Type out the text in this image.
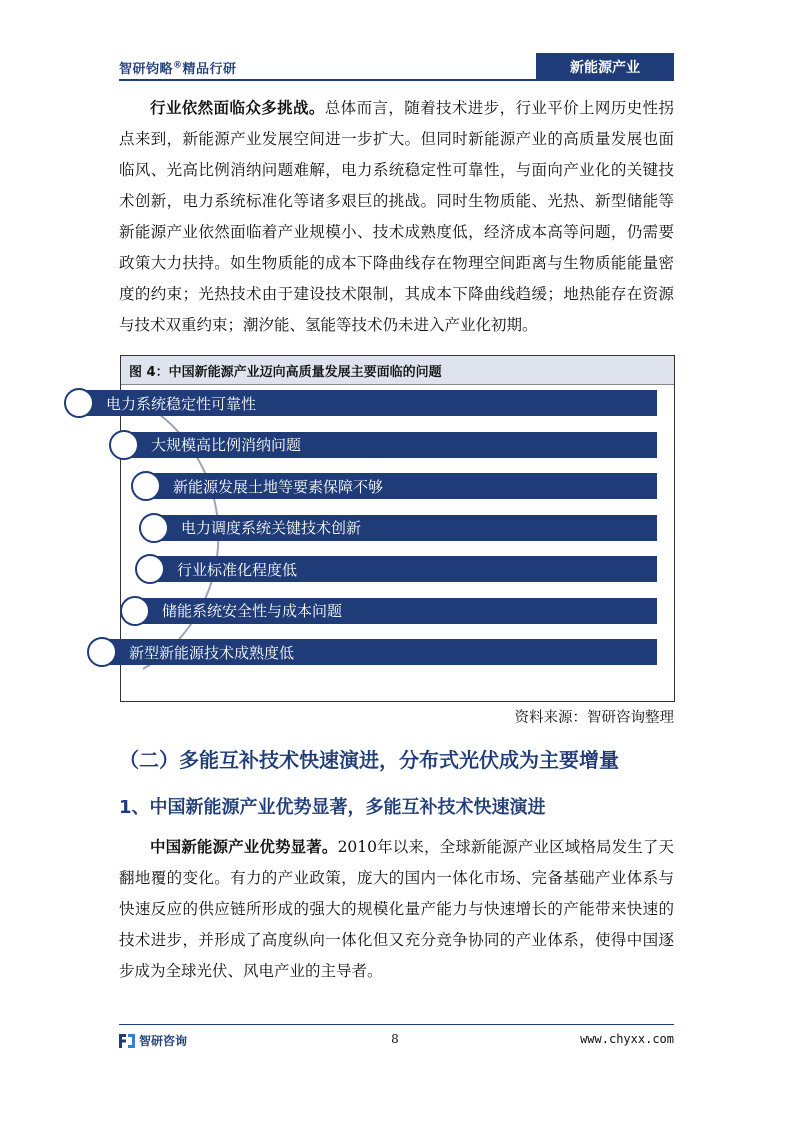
智研钧略®精品行研	新能源产业
行业依然面临众多挑战。总体而言，随着技术进步，行业平价上网历史性拐点来到，新能源产业发展空间进一步扩大。但同时新能源产业的高质量发展也面临风、光高比例消纳问题难解，电力系统稳定性可靠性，与面向产业化的关键技术创新，电力系统标准化等诸多艰巨的挑战。同时生物质能、光热、新型储能等新能源产业依然面临着产业规模小、技术成熟度低，经济成本高等问题，仍需要政策大力扶持。如生物质能的成本下降曲线存在物理空间距离与生物质能能量密度的约束；光热技术由于建设技术限制，其成本下降曲线趋缓；地热能存在资源与技术双重约束；潮汐能、氢能等技术仍未进入产业化初期。
图 4：中国新能源产业迈向高质量发展主要面临的问题
电力系统稳定性可靠性
大规模高比例消纳问题
新能源发展土地等要素保障不够
电力调度系统关键技术创新
行业标准化程度低
储能系统安全性与成本问题
新型新能源技术成熟度低
资料来源：智研咨询整理
（二）多能互补技术快速演进，分布式光伏成为主要增量
1、中国新能源产业优势显著，多能互补技术快速演进
中国新能源产业优势显著。2010年以来，全球新能源产业区域格局发生了天翻地覆的变化。有力的产业政策，庞大的国内一体化市场、完备基础产业体系与快速反应的供应链所形成的强大的规模化量产能力与快速增长的产能带来快速的技术进步，并形成了高度纵向一体化但又充分竞争协同的产业体系，使得中国逐步成为全球光伏、风电产业的主导者。
智研咨询	8	www.chyxx.com
